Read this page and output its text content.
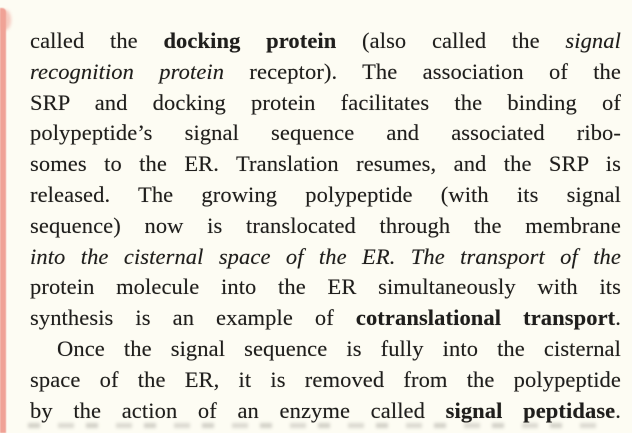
called the docking protein (also called the signal
recognition protein receptor). The association of the
SRP and docking protein facilitates the binding of
polypeptide’s signal sequence and associated ribo-
somes to the ER. Translation resumes, and the SRP is
released. The growing polypeptide (with its signal
sequence) now is translocated through the membrane
into the cisternal space of the ER. The transport of the
protein molecule into the ER simultaneously with its
synthesis is an example of cotranslational transport.
Once the signal sequence is fully into the cisternal
space of the ER, it is removed from the polypeptide
by the action of an enzyme called signal peptidase.
